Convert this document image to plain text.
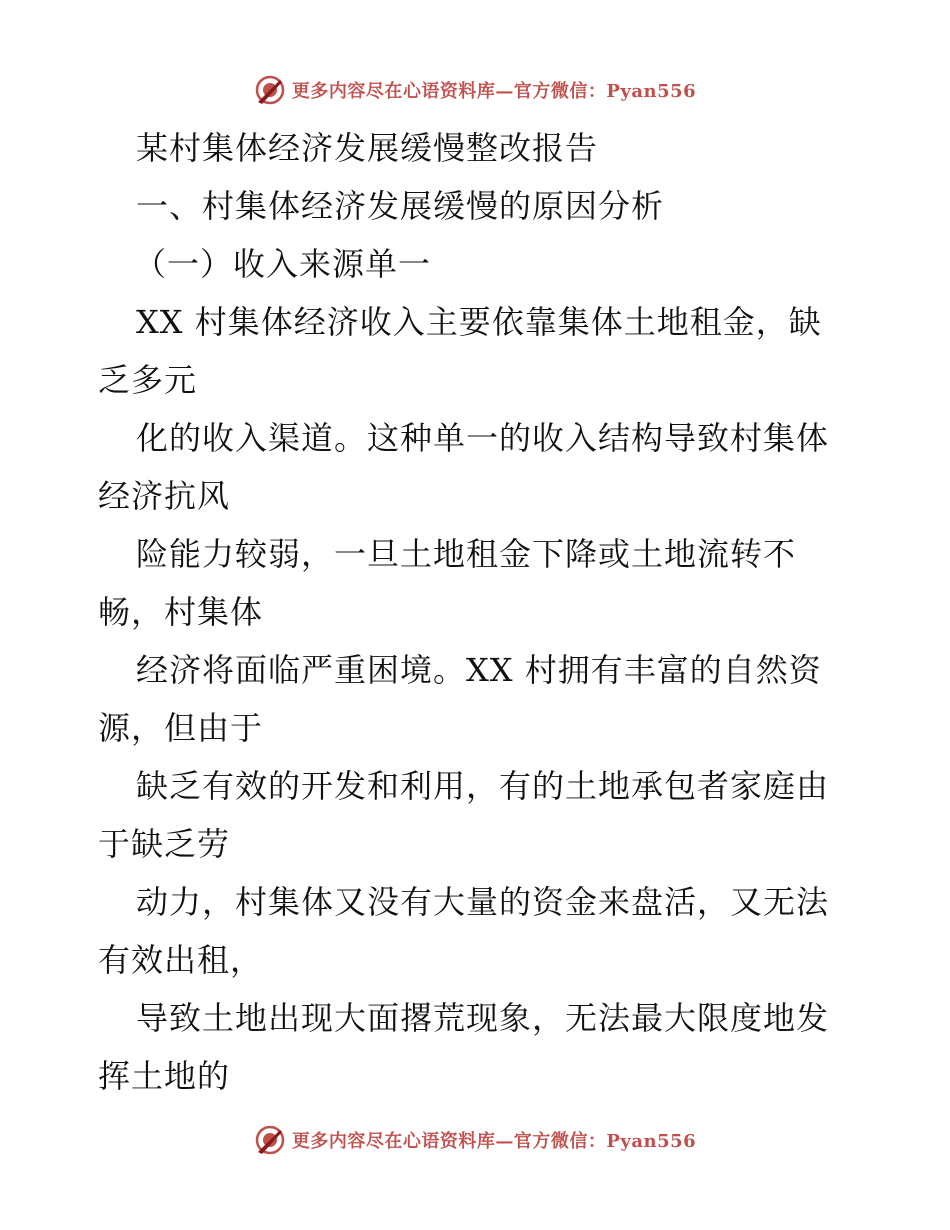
更多内容尽在心语资料库—官方微信：Pyan556
某村集体经济发展缓慢整改报告
一、村集体经济发展缓慢的原因分析
（一）收入来源单一
XX 村集体经济收入主要依靠集体土地租金，缺
乏多元
化的收入渠道。这种单一的收入结构导致村集体
经济抗风
险能力较弱，一旦土地租金下降或土地流转不
畅，村集体
经济将面临严重困境。XX 村拥有丰富的自然资
源，但由于
缺乏有效的开发和利用，有的土地承包者家庭由
于缺乏劳
动力，村集体又没有大量的资金来盘活，又无法
有效出租，
导致土地出现大面撂荒现象，无法最大限度地发
挥土地的
更多内容尽在心语资料库—官方微信：Pyan556
